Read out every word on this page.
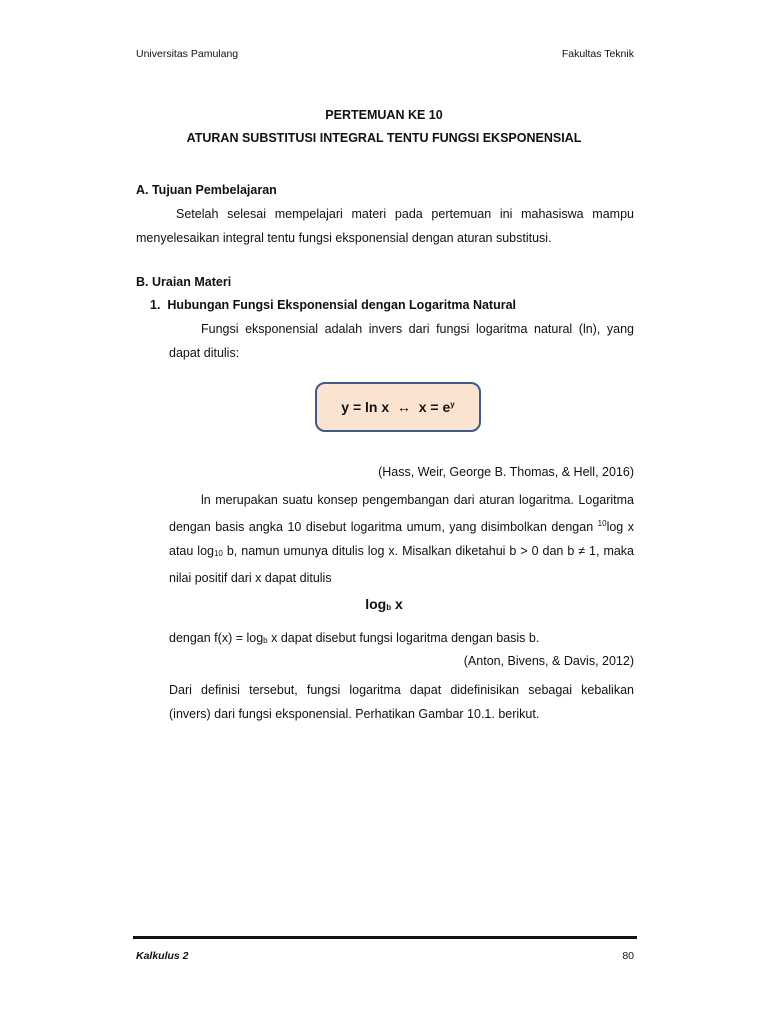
Universitas Pamulang	Fakultas Teknik
PERTEMUAN KE 10
ATURAN SUBSTITUSI INTEGRAL TENTU FUNGSI EKSPONENSIAL
A. Tujuan Pembelajaran
Setelah selesai mempelajari materi pada pertemuan ini mahasiswa mampu
menyelesaikan integral tentu fungsi eksponensial dengan aturan substitusi.
B. Uraian Materi
1.  Hubungan Fungsi Eksponensial dengan Logaritma Natural
Fungsi eksponensial adalah invers dari fungsi logaritma natural (ln), yang
dapat ditulis:
y = ln x  ↔  $x = e^y$
(Hass, Weir, George B. Thomas, & Hell, 2016)
ln merupakan suatu konsep pengembangan dari aturan logaritma. Logaritma
dengan basis angka 10 disebut logaritma umum, yang disimbolkan dengan $^{10}$log x
atau $\log_{10} b$, namun umunya ditulis log x. Misalkan diketahui b > 0 dan b ≠ 1, maka
nilai positif dari x dapat ditulis
$\log_b x$
dengan $f(x) = \log_b x$ dapat disebut fungsi logaritma dengan basis b.
(Anton, Bivens, & Davis, 2012)
Dari definisi tersebut, fungsi logaritma dapat didefinisikan sebagai kebalikan
(invers) dari fungsi eksponensial. Perhatikan Gambar 10.1. berikut.
Kalkulus 2	80
